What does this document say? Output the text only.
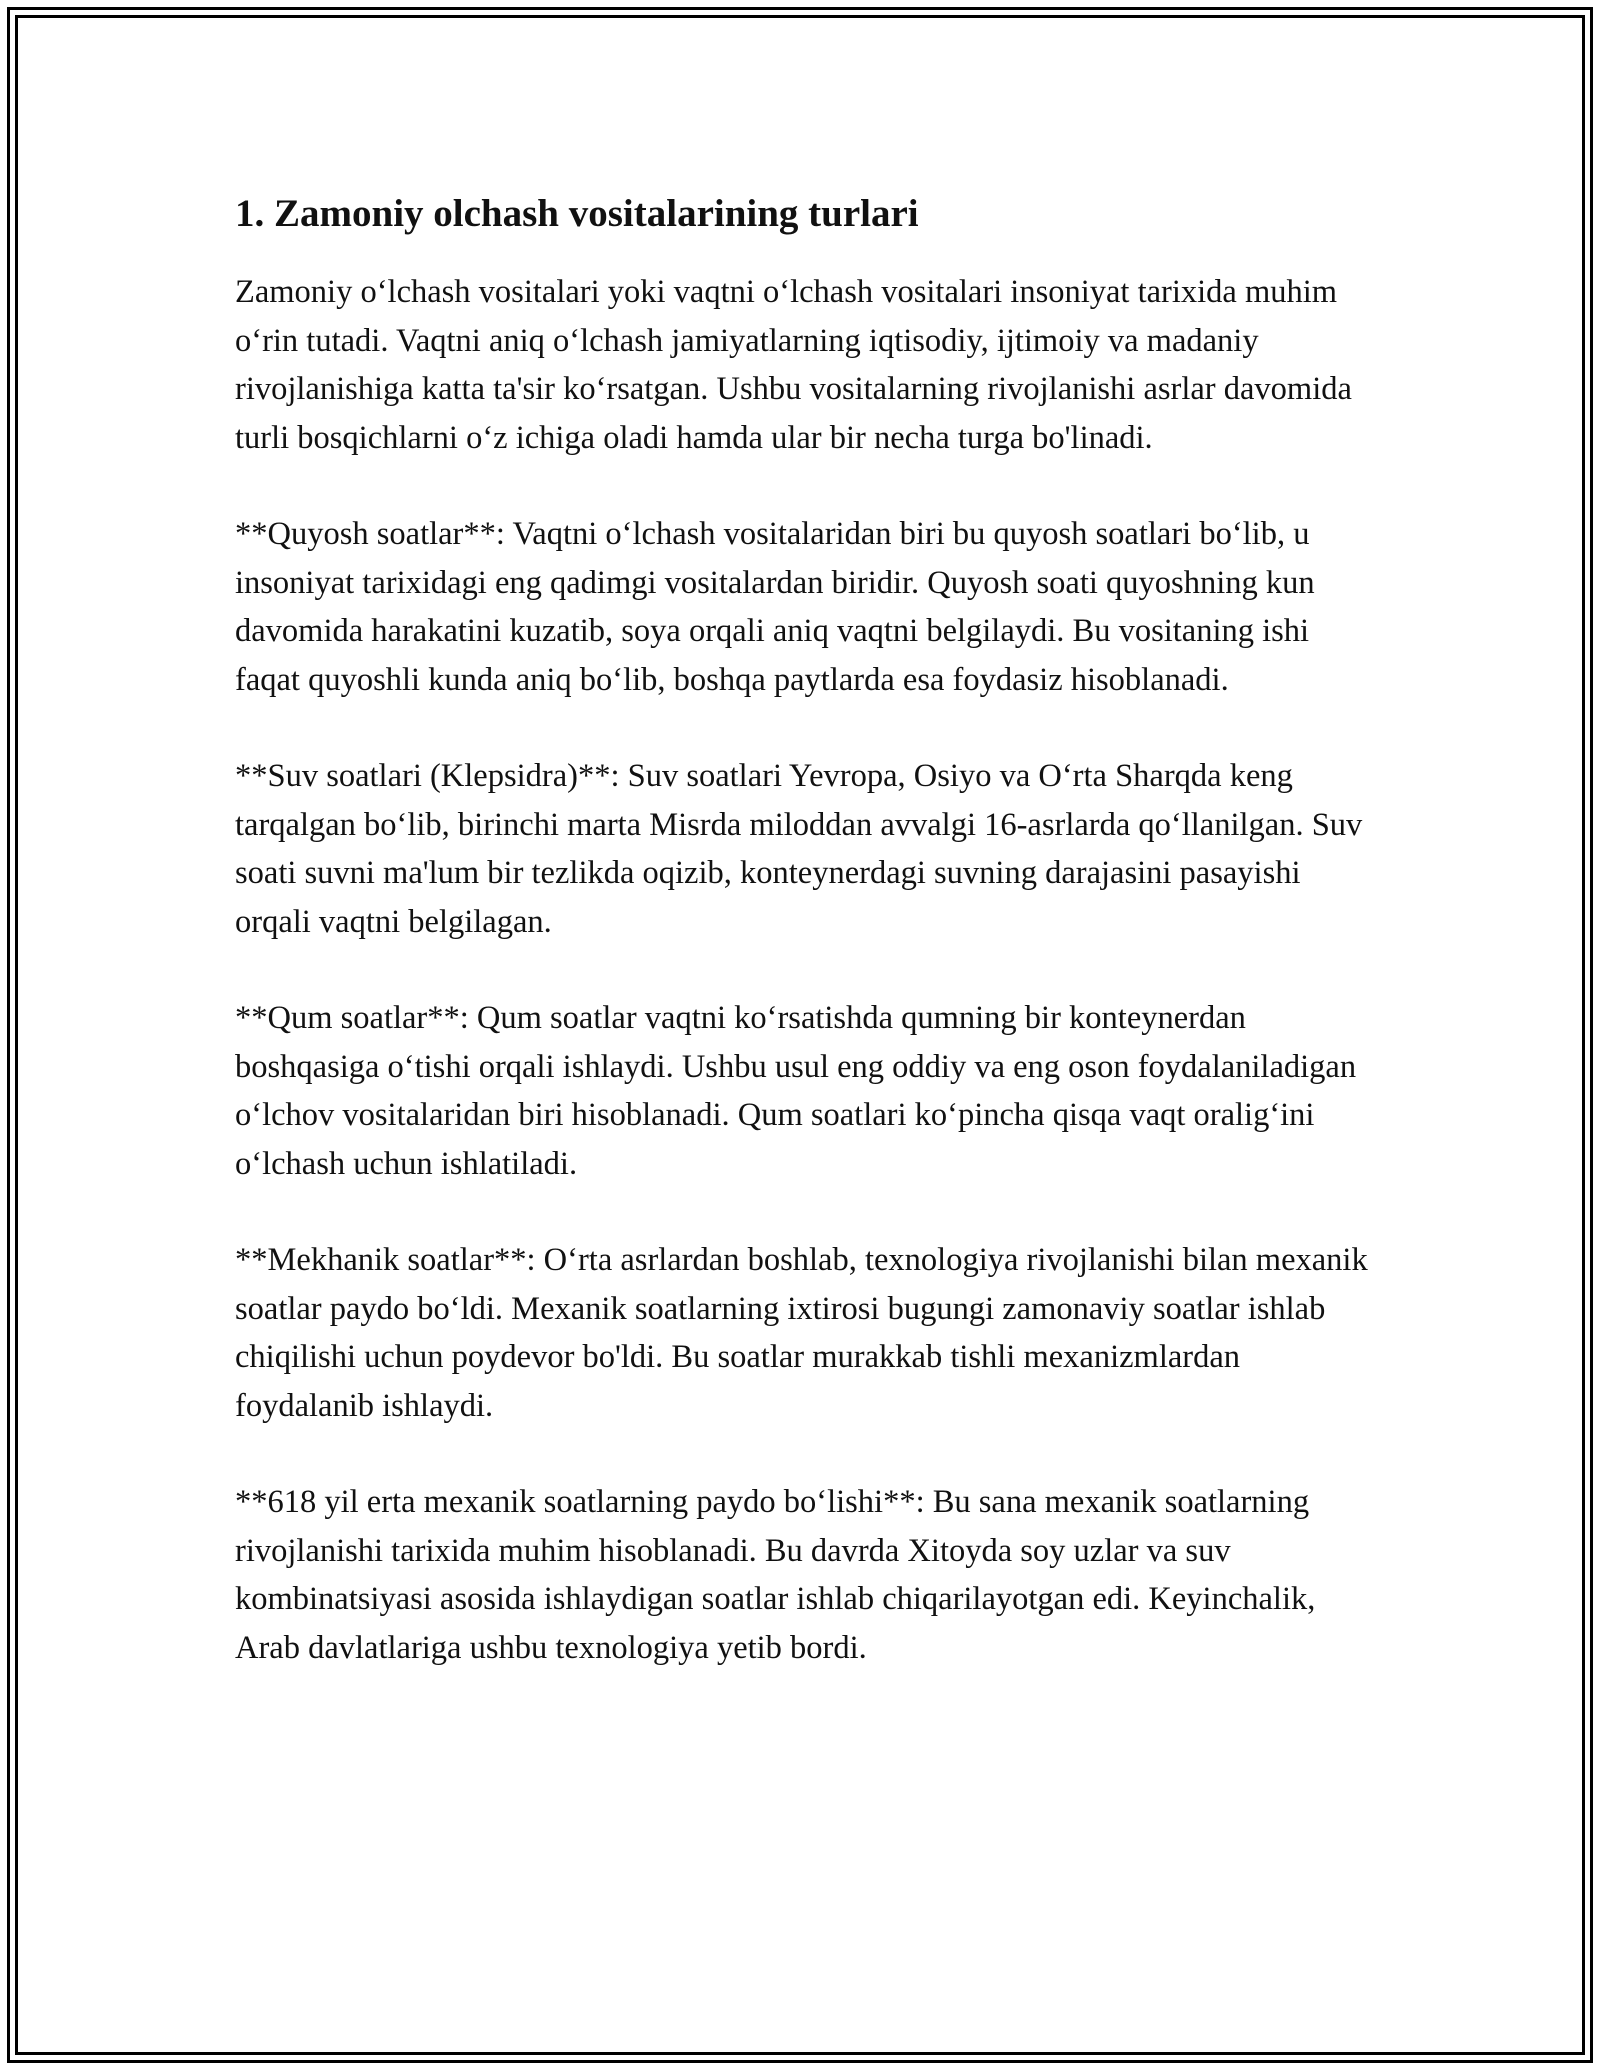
1. Zamoniy olchash vositalarining turlari

Zamoniy o‘lchash vositalari yoki vaqtni o‘lchash vositalari insoniyat tarixida muhim o‘rin tutadi. Vaqtni aniq o‘lchash jamiyatlarning iqtisodiy, ijtimoiy va madaniy rivojlanishiga katta ta'sir ko‘rsatgan. Ushbu vositalarning rivojlanishi asrlar davomida turli bosqichlarni o‘z ichiga oladi hamda ular bir necha turga bo'linadi.

**Quyosh soatlar**: Vaqtni o‘lchash vositalaridan biri bu quyosh soatlari bo‘lib, u insoniyat tarixidagi eng qadimgi vositalardan biridir. Quyosh soati quyoshning kun davomida harakatini kuzatib, soya orqali aniq vaqtni belgilaydi. Bu vositaning ishi faqat quyoshli kunda aniq bo‘lib, boshqa paytlarda esa foydasiz hisoblanadi.

**Suv soatlari (Klepsidra)**: Suv soatlari Yevropa, Osiyo va O‘rta Sharqda keng tarqalgan bo‘lib, birinchi marta Misrda miloddan avvalgi 16-asrlarda qo‘llanilgan. Suv soati suvni ma'lum bir tezlikda oqizib, konteynerdagi suvning darajasini pasayishi orqali vaqtni belgilagan.

**Qum soatlar**: Qum soatlar vaqtni ko‘rsatishda qumning bir konteynerdan boshqasiga o‘tishi orqali ishlaydi. Ushbu usul eng oddiy va eng oson foydalaniladigan o‘lchov vositalaridan biri hisoblanadi. Qum soatlari ko‘pincha qisqa vaqt oralig‘ini o‘lchash uchun ishlatiladi.

**Mekhanik soatlar**: O‘rta asrlardan boshlab, texnologiya rivojlanishi bilan mexanik soatlar paydo bo‘ldi. Mexanik soatlarning ixtirosi bugungi zamonaviy soatlar ishlab chiqilishi uchun poydevor bo'ldi. Bu soatlar murakkab tishli mexanizmlardan foydalanib ishlaydi.

**618 yil erta mexanik soatlarning paydo bo‘lishi**: Bu sana mexanik soatlarning rivojlanishi tarixida muhim hisoblanadi. Bu davrda Xitoyda soy uzlar va suv kombinatsiyasi asosida ishlaydigan soatlar ishlab chiqarilayotgan edi. Keyinchalik, Arab davlatlariga ushbu texnologiya yetib bordi.
